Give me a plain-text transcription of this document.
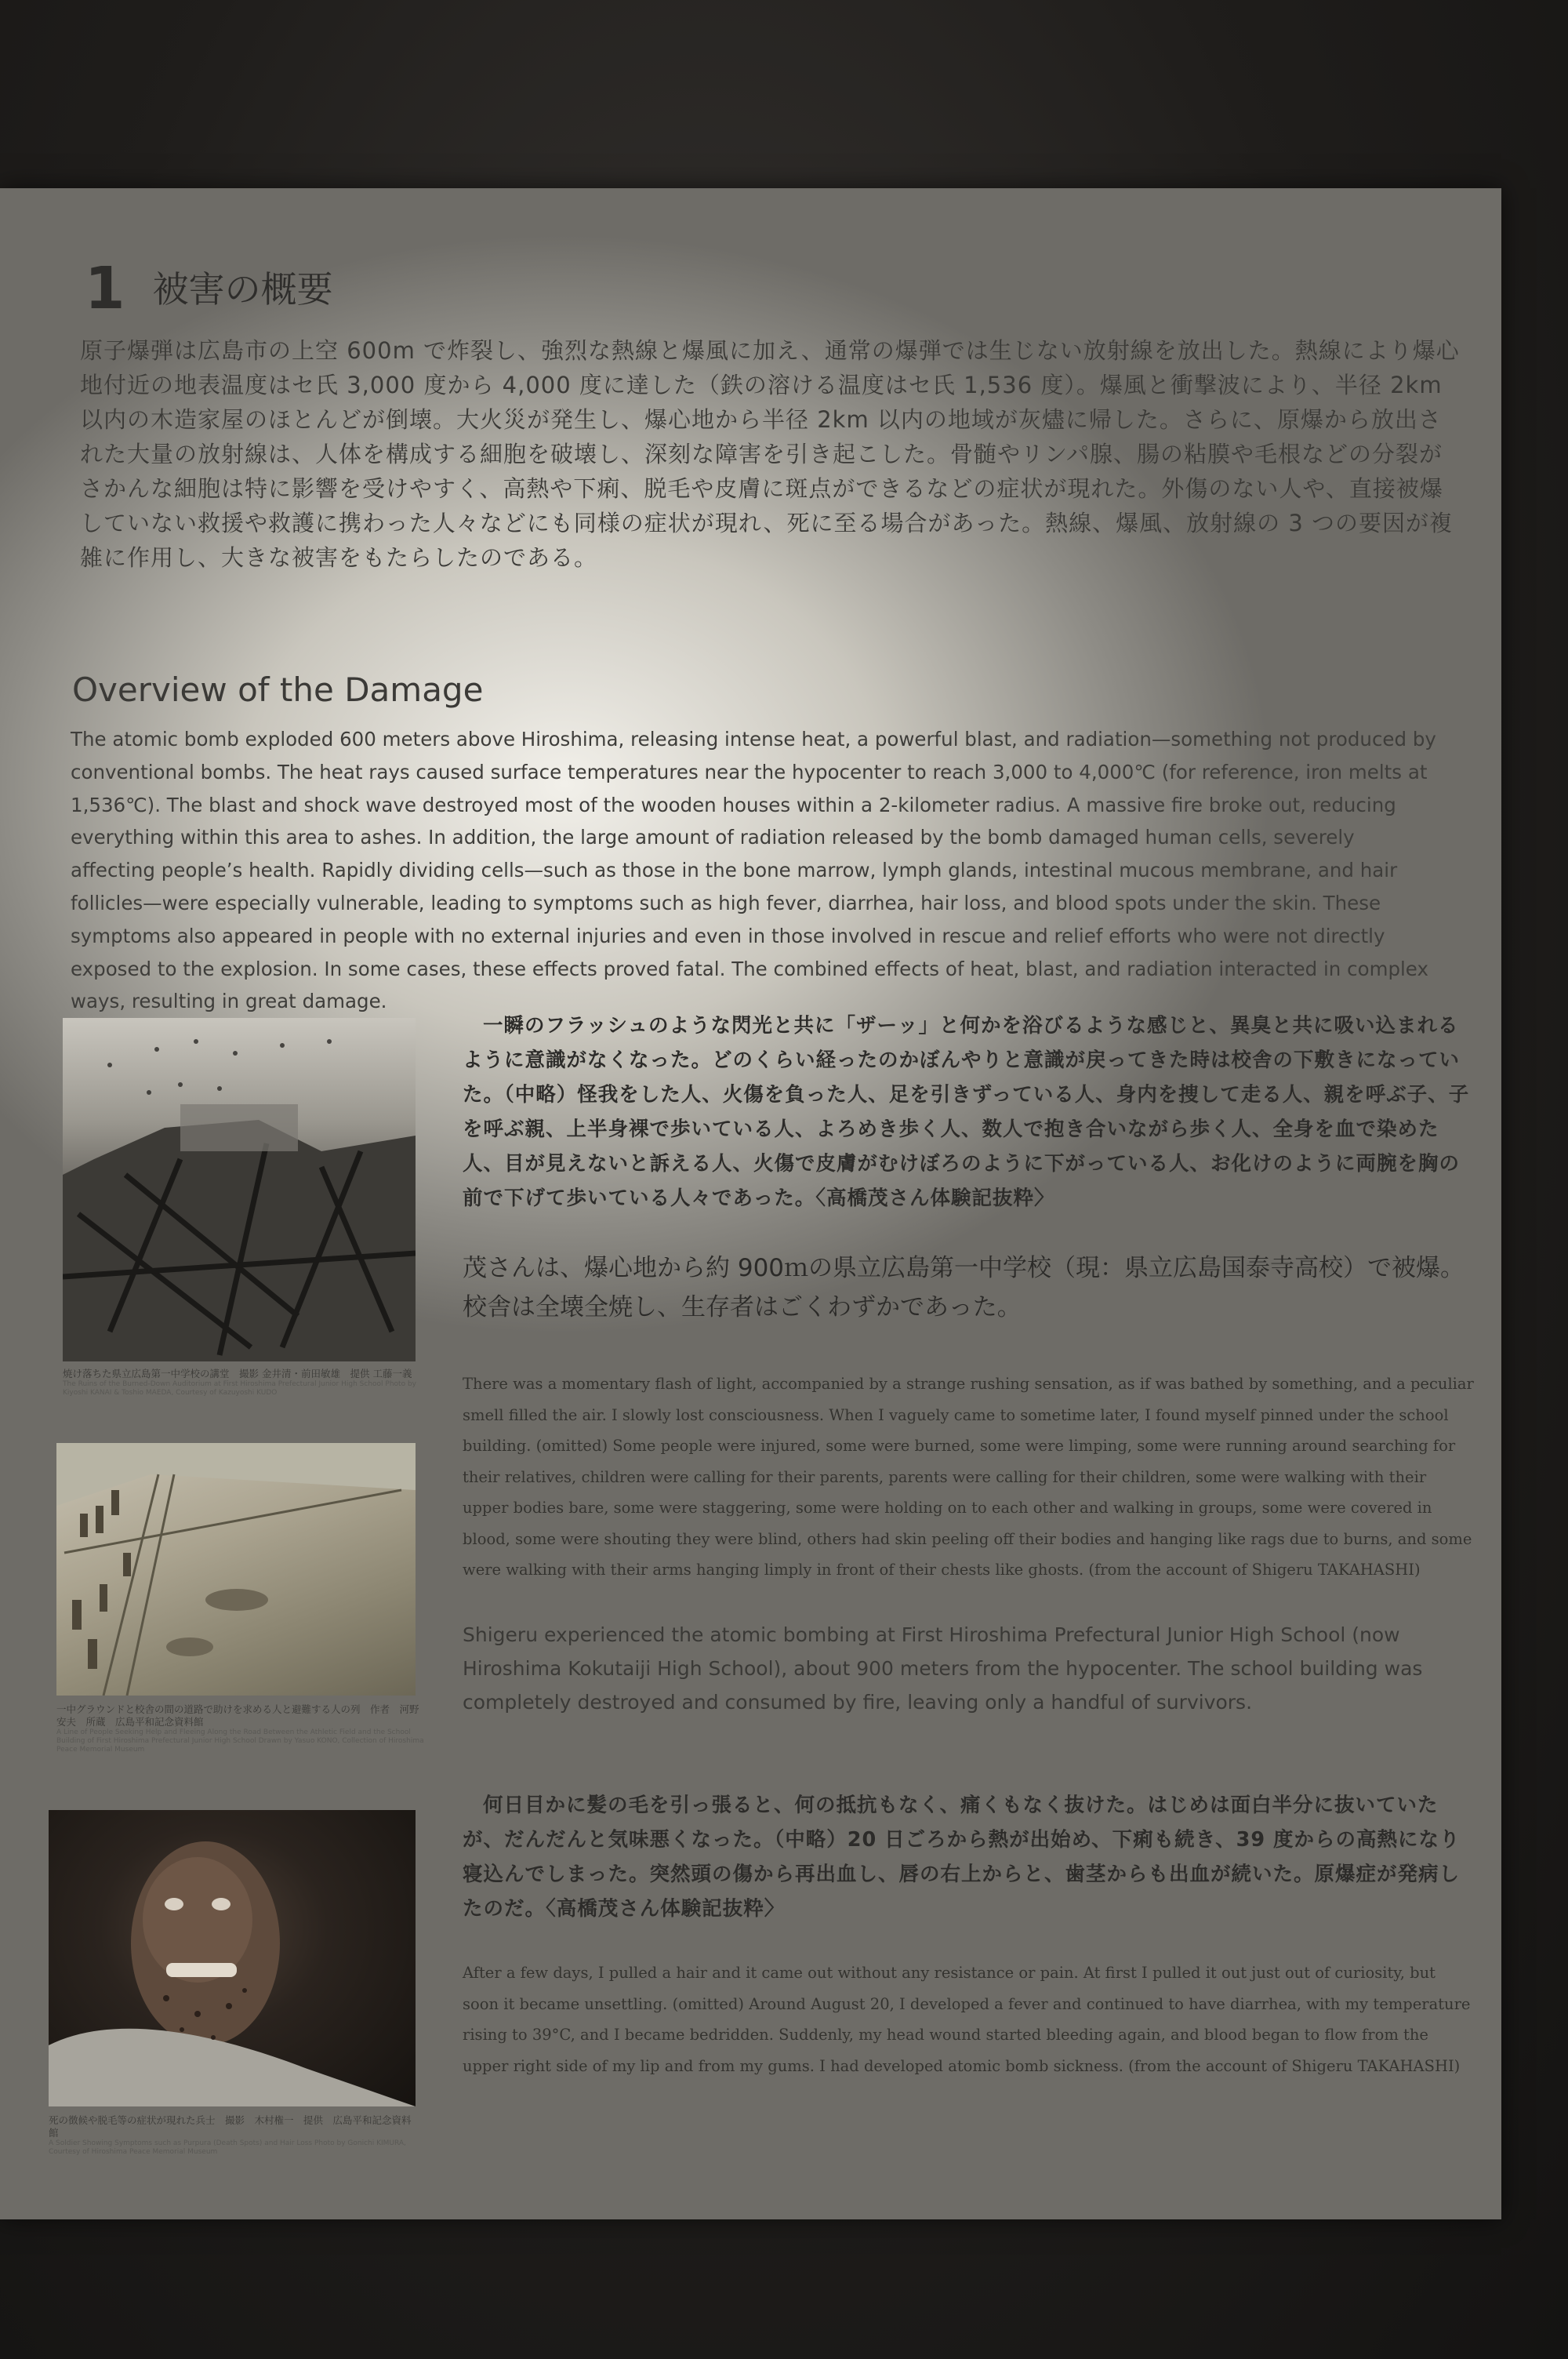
1 被害の概要
原子爆弾は広島市の上空 600m で炸裂し、強烈な熱線と爆風に加え、通常の爆弾では生じない放射線を放出した。熱線により爆心地付近の地表温度はセ氏 3,000 度から 4,000 度に達した（鉄の溶ける温度はセ氏 1,536 度）。爆風と衝撃波により、半径 2km 以内の木造家屋のほとんどが倒壊。大火災が発生し、爆心地から半径 2km 以内の地域が灰燼に帰した。さらに、原爆から放出された大量の放射線は、人体を構成する細胞を破壊し、深刻な障害を引き起こした。骨髄やリンパ腺、腸の粘膜や毛根などの分裂がさかんな細胞は特に影響を受けやすく、高熱や下痢、脱毛や皮膚に斑点ができるなどの症状が現れた。外傷のない人や、直接被爆していない救援や救護に携わった人々などにも同様の症状が現れ、死に至る場合があった。熱線、爆風、放射線の 3 つの要因が複雑に作用し、大きな被害をもたらしたのである。
Overview of the Damage
The atomic bomb exploded 600 meters above Hiroshima, releasing intense heat, a powerful blast, and radiation—something not produced by conventional bombs. The heat rays caused surface temperatures near the hypocenter to reach 3,000 to 4,000℃ (for reference, iron melts at 1,536℃). The blast and shock wave destroyed most of the wooden houses within a 2-kilometer radius. A massive fire broke out, reducing everything within this area to ashes. In addition, the large amount of radiation released by the bomb damaged human cells, severely affecting people’s health. Rapidly dividing cells—such as those in the bone marrow, lymph glands, intestinal mucous membrane, and hair follicles—were especially vulnerable, leading to symptoms such as high fever, diarrhea, hair loss, and blood spots under the skin. These symptoms also appeared in people with no external injuries and even in those involved in rescue and relief efforts who were not directly exposed to the explosion. In some cases, these effects proved fatal. The combined effects of heat, blast, and radiation interacted in complex ways, resulting in great damage.
焼け落ちた県立広島第一中学校の講堂　撮影 金井清・前田敏雄　提供 工藤一義
The Ruins of the Burned-Down Auditorium at First Hiroshima Prefectural Junior High School Photo by Kiyoshi KANAI & Toshio MAEDA, Courtesy of Kazuyoshi KUDO
一中グラウンドと校舎の間の道路で助けを求める人と避難する人の列　作者　河野安夫　所蔵　広島平和記念資料館
A Line of People Seeking Help and Fleeing Along the Road Between the Athletic Field and the School Building of First Hiroshima Prefectural Junior High School Drawn by Yasuo KONO, Collection of Hiroshima Peace Memorial Museum
死の徴候や脱毛等の症状が現れた兵士　撮影　木村権一　提供　広島平和記念資料館
A Soldier Showing Symptoms such as Purpura (Death Spots) and Hair Loss Photo by Gonichi KIMURA, Courtesy of Hiroshima Peace Memorial Museum
一瞬のフラッシュのような閃光と共に「ザーッ」と何かを浴びるような感じと、異臭と共に吸い込まれるように意識がなくなった。どのくらい経ったのかぼんやりと意識が戻ってきた時は校舎の下敷きになっていた。（中略）怪我をした人、火傷を負った人、足を引きずっている人、身内を捜して走る人、親を呼ぶ子、子を呼ぶ親、上半身裸で歩いている人、よろめき歩く人、数人で抱き合いながら歩く人、全身を血で染めた人、目が見えないと訴える人、火傷で皮膚がむけぼろのように下がっている人、お化けのように両腕を胸の前で下げて歩いている人々であった。〈高橋茂さん体験記抜粋〉
茂さんは、爆心地から約 900ｍの県立広島第一中学校（現：県立広島国泰寺高校）で被爆。校舎は全壊全焼し、生存者はごくわずかであった。
There was a momentary flash of light, accompanied by a strange rushing sensation, as if was bathed by something, and a peculiar smell filled the air. I slowly lost consciousness. When I vaguely came to sometime later, I found myself pinned under the school building. (omitted) Some people were injured, some were burned, some were limping, some were running around searching for their relatives, children were calling for their parents, parents were calling for their children, some were walking with their upper bodies bare, some were staggering, some were holding on to each other and walking in groups, some were covered in blood, some were shouting they were blind, others had skin peeling off their bodies and hanging like rags due to burns, and some were walking with their arms hanging limply in front of their chests like ghosts. (from the account of Shigeru TAKAHASHI)
Shigeru experienced the atomic bombing at First Hiroshima Prefectural Junior High School (now Hiroshima Kokutaiji High School), about 900 meters from the hypocenter. The school building was completely destroyed and consumed by fire, leaving only a handful of survivors.
何日目かに髪の毛を引っ張ると、何の抵抗もなく、痛くもなく抜けた。はじめは面白半分に抜いていたが、だんだんと気味悪くなった。（中略）20 日ごろから熱が出始め、下痢も続き、39 度からの高熱になり寝込んでしまった。突然頭の傷から再出血し、唇の右上からと、歯茎からも出血が続いた。原爆症が発病したのだ。〈高橋茂さん体験記抜粋〉
After a few days, I pulled a hair and it came out without any resistance or pain. At first I pulled it out just out of curiosity, but soon it became unsettling. (omitted) Around August 20, I developed a fever and continued to have diarrhea, with my temperature rising to 39°C, and I became bedridden. Suddenly, my head wound started bleeding again, and blood began to flow from the upper right side of my lip and from my gums. I had developed atomic bomb sickness. (from the account of Shigeru TAKAHASHI)
